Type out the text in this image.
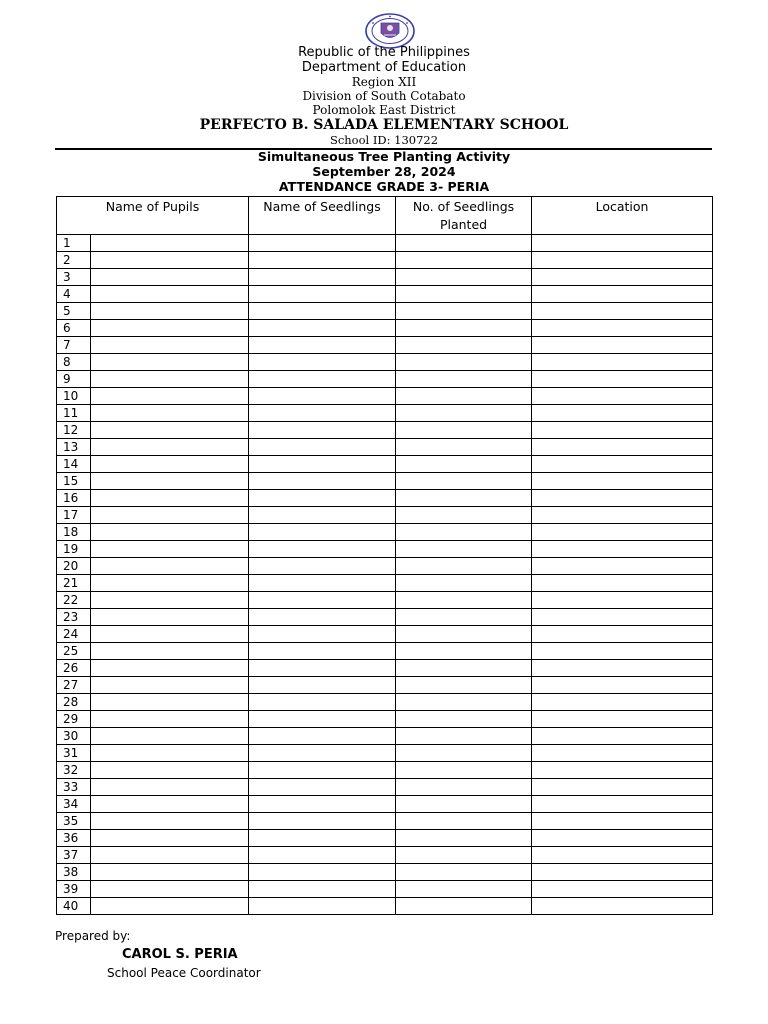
Republic of the Philippines
Department of Education
Region XII
Division of South Cotabato
Polomolok East District
PERFECTO B. SALADA ELEMENTARY SCHOOL
School ID: 130722
Simultaneous Tree Planting Activity
September 28, 2024
ATTENDANCE GRADE 3- PERIA
Name of Pupils		Name of Seedlings	No. of Seedlings Planted	Location
1				
2				
3				
4				
5				
6				
7				
8				
9				
10				
11				
12				
13				
14				
15				
16				
17				
18				
19				
20				
21				
22				
23				
24				
25				
26				
27				
28				
29				
30				
31				
32				
33				
34				
35				
36				
37				
38				
39				
40				
Prepared by:
CAROL S. PERIA
School Peace Coordinator
